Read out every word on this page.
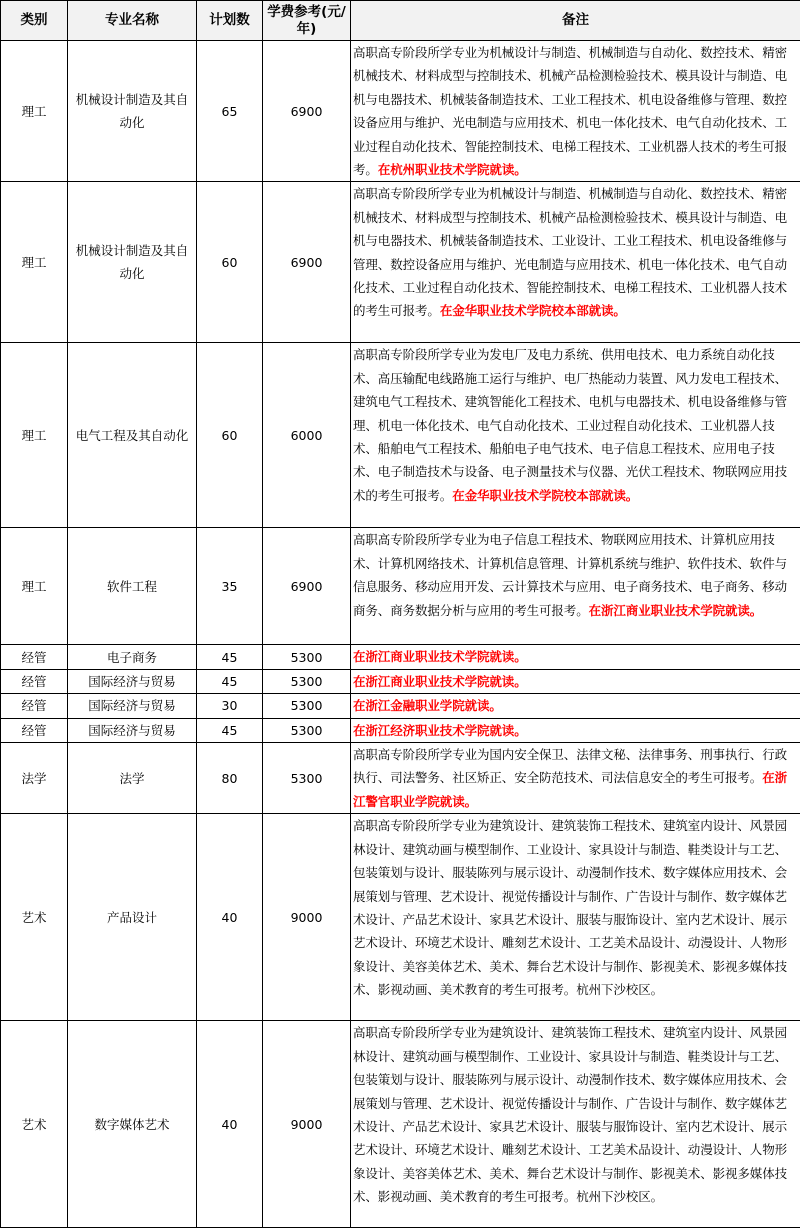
类别	专业名称	计划数	学费参考(元/年)	备注
理工	机械设计制造及其自动化	65	6900	高职高专阶段所学专业为机械设计与制造、机械制造与自动化、数控技术、精密机械技术、材料成型与控制技术、机械产品检测检验技术、模具设计与制造、电机与电器技术、机械装备制造技术、工业工程技术、机电设备维修与管理、数控设备应用与维护、光电制造与应用技术、机电一体化技术、电气自动化技术、工业过程自动化技术、智能控制技术、电梯工程技术、工业机器人技术的考生可报考。在杭州职业技术学院就读。
理工	机械设计制造及其自动化	60	6900	高职高专阶段所学专业为机械设计与制造、机械制造与自动化、数控技术、精密机械技术、材料成型与控制技术、机械产品检测检验技术、模具设计与制造、电机与电器技术、机械装备制造技术、工业设计、工业工程技术、机电设备维修与管理、数控设备应用与维护、光电制造与应用技术、机电一体化技术、电气自动化技术、工业过程自动化技术、智能控制技术、电梯工程技术、工业机器人技术的考生可报考。在金华职业技术学院校本部就读。
理工	电气工程及其自动化	60	6000	高职高专阶段所学专业为发电厂及电力系统、供用电技术、电力系统自动化技术、高压输配电线路施工运行与维护、电厂热能动力装置、风力发电工程技术、建筑电气工程技术、建筑智能化工程技术、电机与电器技术、机电设备维修与管理、机电一体化技术、电气自动化技术、工业过程自动化技术、工业机器人技术、船舶电气工程技术、船舶电子电气技术、电子信息工程技术、应用电子技术、电子制造技术与设备、电子测量技术与仪器、光伏工程技术、物联网应用技术的考生可报考。在金华职业技术学院校本部就读。
理工	软件工程	35	6900	高职高专阶段所学专业为电子信息工程技术、物联网应用技术、计算机应用技术、计算机网络技术、计算机信息管理、计算机系统与维护、软件技术、软件与信息服务、移动应用开发、云计算技术与应用、电子商务技术、电子商务、移动商务、商务数据分析与应用的考生可报考。在浙江商业职业技术学院就读。
经管	电子商务	45	5300	在浙江商业职业技术学院就读。
经管	国际经济与贸易	45	5300	在浙江商业职业技术学院就读。
经管	国际经济与贸易	30	5300	在浙江金融职业学院就读。
经管	国际经济与贸易	45	5300	在浙江经济职业技术学院就读。
法学	法学	80	5300	高职高专阶段所学专业为国内安全保卫、法律文秘、法律事务、刑事执行、行政执行、司法警务、社区矫正、安全防范技术、司法信息安全的考生可报考。在浙江警官职业学院就读。
艺术	产品设计	40	9000	高职高专阶段所学专业为建筑设计、建筑装饰工程技术、建筑室内设计、风景园林设计、建筑动画与模型制作、工业设计、家具设计与制造、鞋类设计与工艺、包装策划与设计、服装陈列与展示设计、动漫制作技术、数字媒体应用技术、会展策划与管理、艺术设计、视觉传播设计与制作、广告设计与制作、数字媒体艺术设计、产品艺术设计、家具艺术设计、服装与服饰设计、室内艺术设计、展示艺术设计、环境艺术设计、雕刻艺术设计、工艺美术品设计、动漫设计、人物形象设计、美容美体艺术、美术、舞台艺术设计与制作、影视美术、影视多媒体技术、影视动画、美术教育的考生可报考。杭州下沙校区。
艺术	数字媒体艺术	40	9000	高职高专阶段所学专业为建筑设计、建筑装饰工程技术、建筑室内设计、风景园林设计、建筑动画与模型制作、工业设计、家具设计与制造、鞋类设计与工艺、包装策划与设计、服装陈列与展示设计、动漫制作技术、数字媒体应用技术、会展策划与管理、艺术设计、视觉传播设计与制作、广告设计与制作、数字媒体艺术设计、产品艺术设计、家具艺术设计、服装与服饰设计、室内艺术设计、展示艺术设计、环境艺术设计、雕刻艺术设计、工艺美术品设计、动漫设计、人物形象设计、美容美体艺术、美术、舞台艺术设计与制作、影视美术、影视多媒体技术、影视动画、美术教育的考生可报考。杭州下沙校区。
